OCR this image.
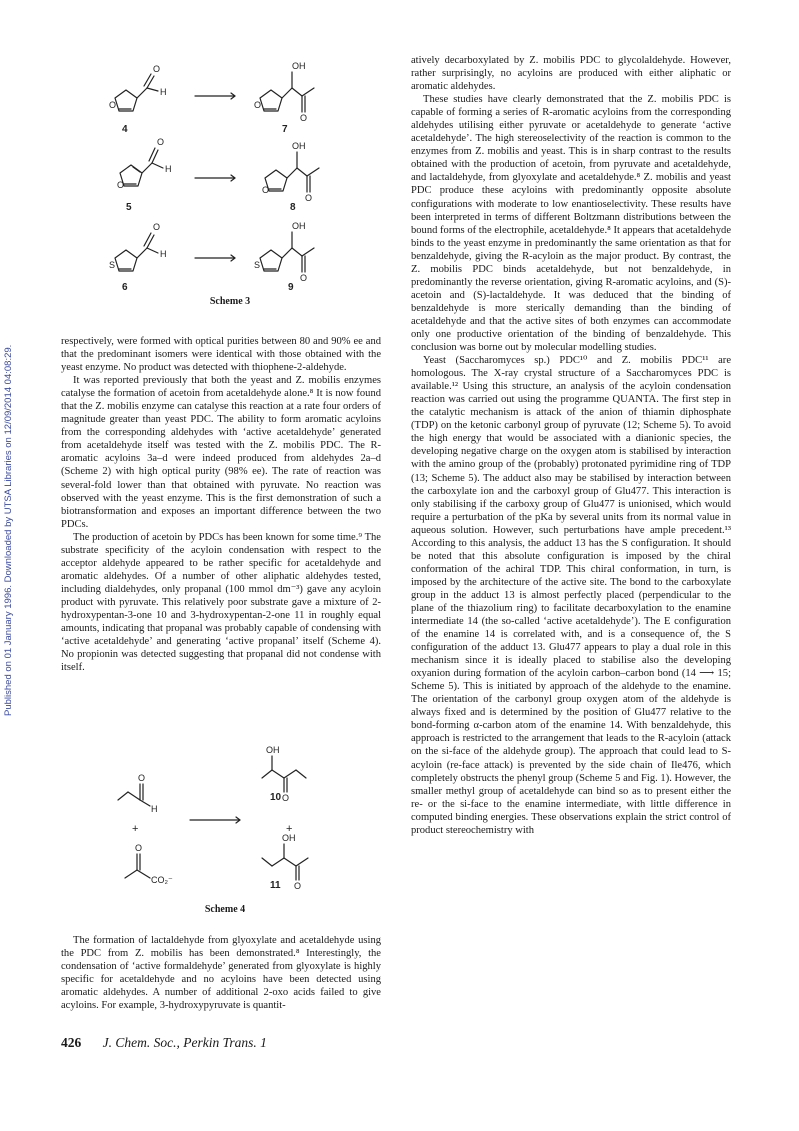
Published on 01 January 1996. Downloaded by UTSA Libraries on 12/09/2014 04:08:29.
O
O
H
O
OH
O
O
O
H
O
OH
O
S
O
H
S
OH
O
4	7
5	8
6	9
Scheme 3

respectively, were formed with optical purities between 80 and 90% ee and that the predominant isomers were identical with those obtained with the yeast enzyme. No product was detected with thiophene-2-aldehyde.

It was reported previously that both the yeast and Z. mobilis enzymes catalyse the formation of acetoin from acetaldehyde alone.⁸ It is now found that the Z. mobilis enzyme can catalyse this reaction at a rate four orders of magnitude greater than yeast PDC. The ability to form aromatic acyloins from the corresponding aldehydes with ‘active acetaldehyde’ generated from acetaldehyde itself was tested with the Z. mobilis PDC. The R-aromatic acyloins 3a–d were indeed produced from aldehydes 2a–d (Scheme 2) with high optical purity (98% ee). The rate of reaction was several-fold lower than that obtained with pyruvate. No reaction was observed with the yeast enzyme. This is the first demonstration of such a biotransformation and exposes an important difference between the two PDCs.

The production of acetoin by PDCs has been known for some time.⁹ The substrate specificity of the acyloin condensation with respect to the acceptor aldehyde appeared to be rather specific for acetaldehyde and aromatic aldehydes. Of a number of other aliphatic aldehydes tested, including dialdehydes, only propanal (100 mmol dm⁻³) gave any acyloin product with pyruvate. This relatively poor substrate gave a mixture of 2-hydroxypentan-3-one 10 and 3-hydroxypentan-2-one 11 in roughly equal amounts, indicating that propanal was probably capable of condensing with ‘active acetaldehyde’ and generating ‘active propanal’ itself (Scheme 4). No propionin was detected suggesting that propanal did not condense with itself.

O
H
O
CO₂⁻
OH
OH
+	+
10 O
11 O
Scheme 4

The formation of lactaldehyde from glyoxylate and acetaldehyde using the PDC from Z. mobilis has been demonstrated.⁸ Interestingly, the condensation of ‘active formaldehyde’ generated from glyoxylate is highly specific for acetaldehyde and no acyloins have been detected using aromatic aldehydes. A number of additional 2-oxo acids failed to give acyloins. For example, 3-hydroxypyruvate is quantit-

atively decarboxylated by Z. mobilis PDC to glycolaldehyde. However, rather surprisingly, no acyloins are produced with either aliphatic or aromatic aldehydes.

These studies have clearly demonstrated that the Z. mobilis PDC is capable of forming a series of R-aromatic acyloins from the corresponding aldehydes utilising either pyruvate or acetaldehyde to generate ‘active acetaldehyde’. The high stereoselectivity of the reaction is common to the enzymes from Z. mobilis and yeast. This is in sharp contrast to the results obtained with the production of acetoin, from pyruvate and acetaldehyde, and lactaldehyde, from glyoxylate and acetaldehyde.⁸ Z. mobilis and yeast PDC produce these acyloins with predominantly opposite absolute configurations with moderate to low enantioselectivity. These results have been interpreted in terms of different Boltzmann distributions between the bound forms of the electrophile, acetaldehyde.⁸ It appears that acetaldehyde binds to the yeast enzyme in predominantly the same orientation as that for benzaldehyde, giving the R-acyloin as the major product. By contrast, the Z. mobilis PDC binds acetaldehyde, but not benzaldehyde, in predominantly the reverse orientation, giving R-aromatic acyloins, and (S)-acetoin and (S)-lactaldehyde. It was deduced that the binding of benzaldehyde is more sterically demanding than the binding of acetaldehyde and that the active sites of both enzymes can accommodate only one productive orientation of the binding of benzaldehyde. This conclusion was borne out by molecular modelling studies.

Yeast (Saccharomyces sp.) PDC¹⁰ and Z. mobilis PDC¹¹ are homologous. The X-ray crystal structure of a Saccharomyces PDC is available.¹² Using this structure, an analysis of the acyloin condensation reaction was carried out using the programme QUANTA. The first step in the catalytic mechanism is attack of the anion of thiamin diphosphate (TDP) on the ketonic carbonyl group of pyruvate (12; Scheme 5). To avoid the high energy that would be associated with a dianionic species, the developing negative charge on the oxygen atom is stabilised by interaction with the amino group of the (probably) protonated pyrimidine ring of TDP (13; Scheme 5). The adduct also may be stabilised by interaction between the carboxylate ion and the carboxyl group of Glu477. This interaction is only stabilising if the carboxy group of Glu477 is unionised, which would require a perturbation of the pKa by several units from its normal value in aqueous solution. However, such perturbations have ample precedent.¹³ According to this analysis, the adduct 13 has the S configuration. It should be noted that this absolute configuration is imposed by the chiral conformation of the achiral TDP. This chiral conformation, in turn, is imposed by the architecture of the active site. The bond to the carboxylate group in the adduct 13 is almost perfectly placed (perpendicular to the plane of the thiazolium ring) to facilitate decarboxylation to the enamine intermediate 14 (the so-called ‘active acetaldehyde’). The E configuration of the enamine 14 is correlated with, and is a consequence of, the S configuration of the adduct 13. Glu477 appears to play a dual role in this mechanism since it is ideally placed to stabilise also the developing oxyanion during formation of the acyloin carbon–carbon bond (14 ⟶ 15; Scheme 5). This is initiated by approach of the aldehyde to the enamine. The orientation of the carbonyl group oxygen atom of the aldehyde is always fixed and is determined by the position of Glu477 relative to the bond-forming α-carbon atom of the enamine 14. With benzaldehyde, this approach is restricted to the arrangement that leads to the R-acyloin (attack on the si-face of the aldehyde group). The approach that could lead to S-acyloin (re-face attack) is prevented by the side chain of Ile476, which completely obstructs the phenyl group (Scheme 5 and Fig. 1). However, the smaller methyl group of acetaldehyde can bind so as to present either the re- or the si-face to the enamine intermediate, with little difference in computed binding energies. These observations explain the strict control of product stereochemistry with

426 J. Chem. Soc., Perkin Trans. 1
